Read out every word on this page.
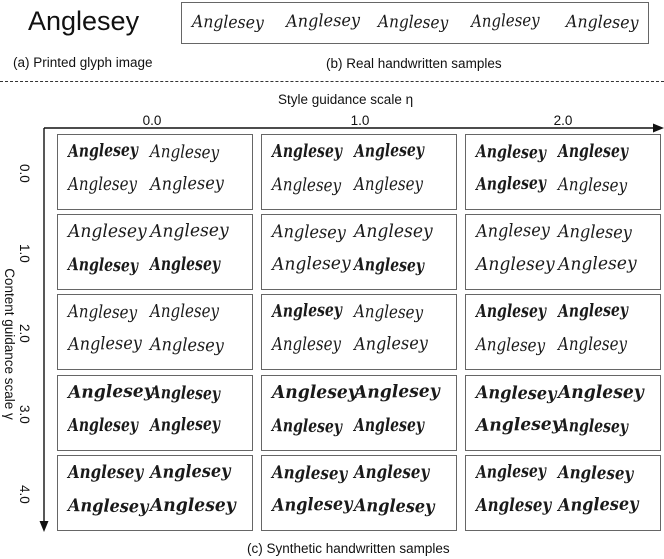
Anglesey	Anglesey Anglesey Anglesey Anglesey Anglesey
(a) Printed glyph image	(b) Real handwritten samples
Style guidance scale η
0.0	1.0	2.0
Content guidance scale γ
0.0
1.0
2.0
3.0
4.0
Anglesey Anglesey
Anglesey Anglesey
Anglesey Anglesey
Anglesey Anglesey
Anglesey Anglesey
Anglesey Anglesey
Anglesey Anglesey
Anglesey Anglesey
Anglesey Anglesey
Anglesey Anglesey
Anglesey Anglesey
Anglesey Anglesey
Anglesey Anglesey
Anglesey Anglesey
Anglesey Anglesey
Anglesey Anglesey
Anglesey Anglesey
Anglesey Anglesey
Anglesey
Anglesey
Anglesey Anglesey
Anglesey
Anglesey
Anglesey Anglesey
Anglesey Anglesey
Anglesey
Anglesey
Anglesey Anglesey
Anglesey Anglesey
Anglesey Anglesey
Anglesey Anglesey
Anglesey Anglesey
Anglesey Anglesey
(c) Synthetic handwritten samples
